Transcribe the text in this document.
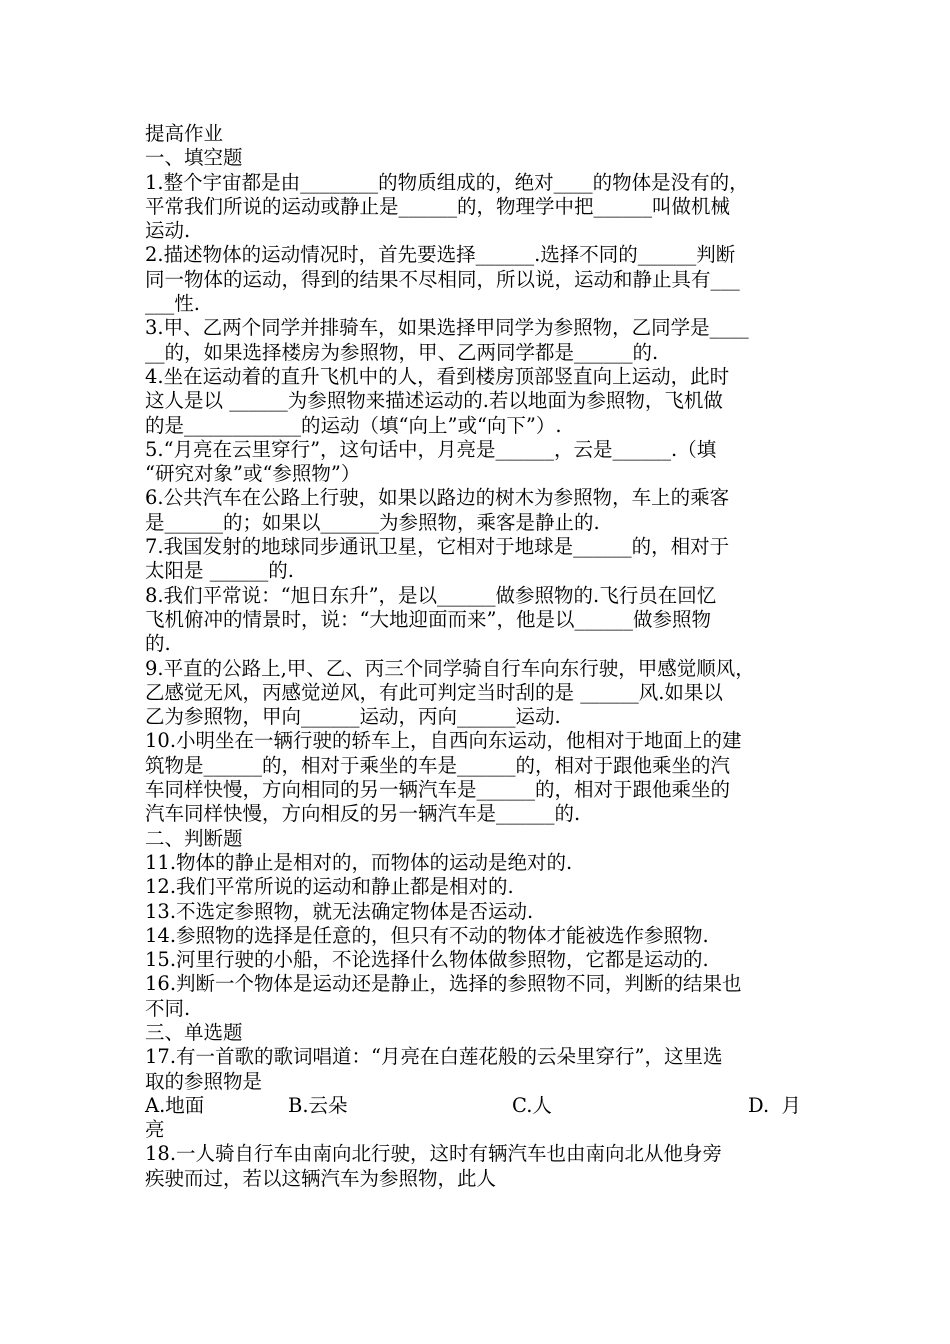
提高作业
一、填空题
1.整个宇宙都是由________的物质组成的，绝对____的物体是没有的，
平常我们所说的运动或静止是______的，物理学中把______叫做机械
运动.
2.描述物体的运动情况时，首先要选择______.选择不同的______判断
同一物体的运动，得到的结果不尽相同，所以说，运动和静止具有___
___性.
3.甲、乙两个同学并排骑车，如果选择甲同学为参照物，乙同学是____
__的，如果选择楼房为参照物，甲、乙两同学都是______的.
4.坐在运动着的直升飞机中的人，看到楼房顶部竖直向上运动，此时
这人是以 ______为参照物来描述运动的.若以地面为参照物，飞机做
的是____________的运动（填“向上”或“向下”）.
5.“月亮在云里穿行”，这句话中，月亮是______，云是______.（填
“研究对象”或“参照物”）
6.公共汽车在公路上行驶，如果以路边的树木为参照物，车上的乘客
是______的；如果以______为参照物，乘客是静止的.
7.我国发射的地球同步通讯卫星，它相对于地球是______的，相对于
太阳是 ______的.
8.我们平常说：“旭日东升”，是以______做参照物的.飞行员在回忆
飞机俯冲的情景时，说：“大地迎面而来”，他是以______做参照物
的.
9.平直的公路上,甲、乙、丙三个同学骑自行车向东行驶，甲感觉顺风，
乙感觉无风，丙感觉逆风，有此可判定当时刮的是 ______风.如果以
乙为参照物，甲向______运动，丙向______运动.
10.小明坐在一辆行驶的轿车上，自西向东运动，他相对于地面上的建
筑物是______的，相对于乘坐的车是______的，相对于跟他乘坐的汽
车同样快慢，方向相同的另一辆汽车是______的，相对于跟他乘坐的
汽车同样快慢，方向相反的另一辆汽车是______的.
二、判断题
11.物体的静止是相对的，而物体的运动是绝对的.
12.我们平常所说的运动和静止都是相对的.
13.不选定参照物，就无法确定物体是否运动.
14.参照物的选择是任意的，但只有不动的物体才能被选作参照物.
15.河里行驶的小船，不论选择什么物体做参照物，它都是运动的.
16.判断一个物体是运动还是静止，选择的参照物不同，判断的结果也
不同.
三、单选题
17.有一首歌的歌词唱道：“月亮在白莲花般的云朵里穿行”，这里选
取的参照物是
A.地面	B.云朵	C.人	D.  月
亮
18.一人骑自行车由南向北行驶，这时有辆汽车也由南向北从他身旁
疾驶而过，若以这辆汽车为参照物，此人
